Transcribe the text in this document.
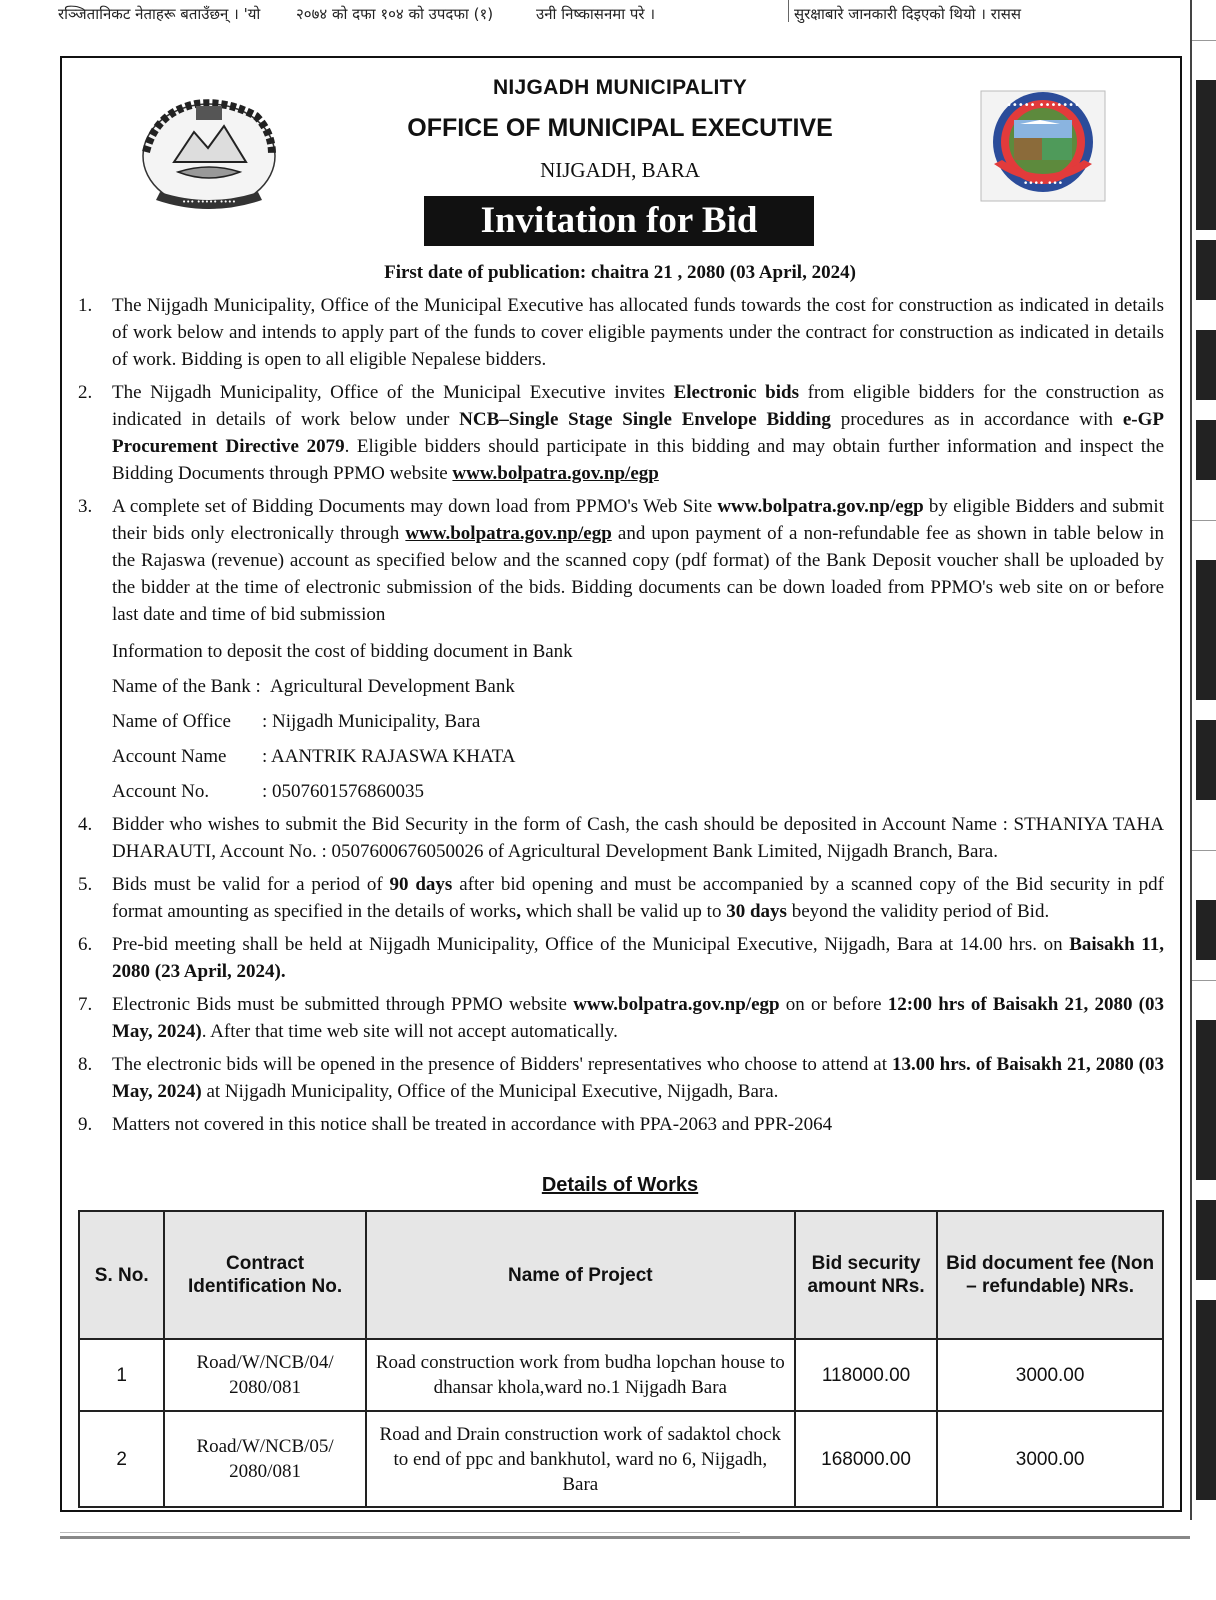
रञ्जितानिकट नेताहरू बताउँछन् । 'यो २०७४ को दफा १०४ को उपदफा (१)	उनी निष्कासनमा परे ।	सुरक्षाबारे जानकारी दिइएको थियो । रासस
••• ••••• ••••
••••• •••••••
•••• •••
NIJGADH MUNICIPALITY
OFFICE OF MUNICIPAL EXECUTIVE
NIJGADH, BARA
Invitation for Bid
First date of publication: chaitra 21 , 2080 (03 April, 2024)
1. The Nijgadh Municipality, Office of the Municipal Executive has allocated funds towards the cost for construction as indicated in details of work below and intends to apply part of the funds to cover eligible payments under the contract for construction as indicated in details of work. Bidding is open to all eligible Nepalese bidders.
2. The Nijgadh Municipality, Office of the Municipal Executive invites Electronic bids from eligible bidders for the construction as indicated in details of work below under NCB–Single Stage Single Envelope Bidding procedures as in accordance with e-GP Procurement Directive 2079. Eligible bidders should participate in this bidding and may obtain further information and inspect the Bidding Documents through PPMO website www.bolpatra.gov.np/egp
3. A complete set of Bidding Documents may down load from PPMO's Web Site www.bolpatra.gov.np/egp by eligible Bidders and submit their bids only electronically through www.bolpatra.gov.np/egp and upon payment of a non-refundable fee as shown in table below in the Rajaswa (revenue) account as specified below and the scanned copy (pdf format) of the Bank Deposit voucher shall be uploaded by the bidder at the time of electronic submission of the bids. Bidding documents can be down loaded from PPMO's web site on or before last date and time of bid submission
Information to deposit the cost of bidding document in Bank
Name of the Bank : Agricultural Development Bank
Name of Office	: Nijgadh Municipality, Bara
Account Name	: AANTRIK RAJASWA KHATA
Account No.	: 0507601576860035
4. Bidder who wishes to submit the Bid Security in the form of Cash, the cash should be deposited in Account Name : STHANIYA TAHA DHARAUTI, Account No. : 0507600676050026 of Agricultural Development Bank Limited, Nijgadh Branch, Bara.
5. Bids must be valid for a period of 90 days after bid opening and must be accompanied by a scanned copy of the Bid security in pdf format amounting as specified in the details of works, which shall be valid up to 30 days beyond the validity period of Bid.
6. Pre-bid meeting shall be held at Nijgadh Municipality, Office of the Municipal Executive, Nijgadh, Bara at 14.00 hrs. on Baisakh 11, 2080 (23 April, 2024).
7. Electronic Bids must be submitted through PPMO website www.bolpatra.gov.np/egp on or before 12:00 hrs of Baisakh 21, 2080 (03 May, 2024). After that time web site will not accept automatically.
8. The electronic bids will be opened in the presence of Bidders' representatives who choose to attend at 13.00 hrs. of Baisakh 21, 2080 (03 May, 2024) at Nijgadh Municipality, Office of the Municipal Executive, Nijgadh, Bara.
9. Matters not covered in this notice shall be treated in accordance with PPA-2063 and PPR-2064
Details of Works
S. No.	Contract Identification No.	Name of Project	Bid security amount NRs.	Bid document fee (Non – refundable) NRs.
1	Road/W/NCB/04/ 2080/081	Road construction work from budha lopchan house to dhansar khola,ward no.1 Nijgadh Bara	118000.00	3000.00
2	Road/W/NCB/05/ 2080/081	Road and Drain construction work of sadaktol chock to end of ppc and bankhutol, ward no 6, Nijgadh, Bara	168000.00	3000.00
